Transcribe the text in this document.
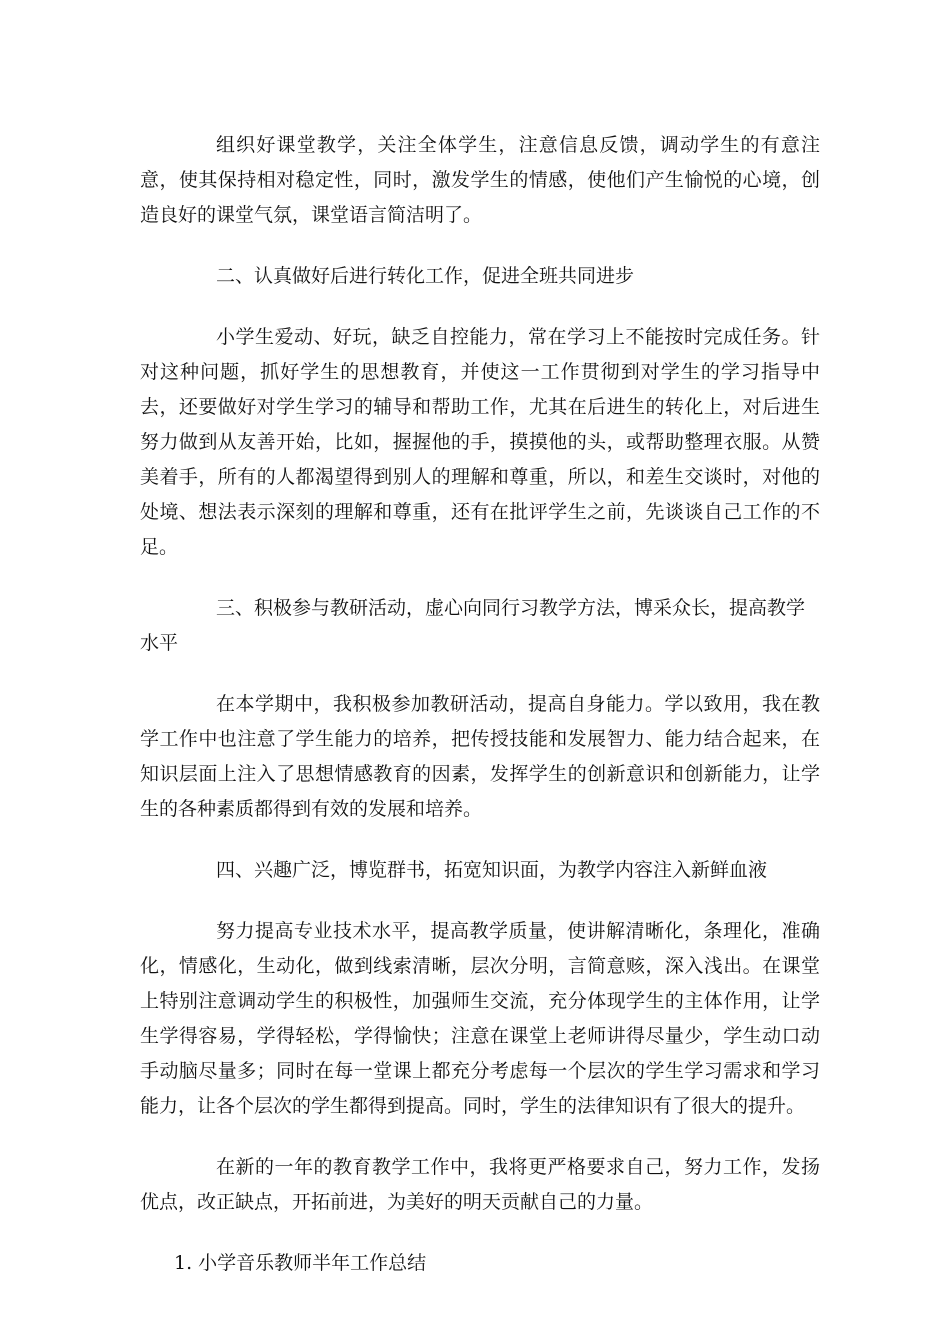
组织好课堂教学，关注全体学生，注意信息反馈，调动学生的有意注意，使其保持相对稳定性，同时，激发学生的情感，使他们产生愉悦的心境，创造良好的课堂气氛，课堂语言简洁明了。

二、认真做好后进行转化工作，促进全班共同进步

小学生爱动、好玩，缺乏自控能力，常在学习上不能按时完成任务。针对这种问题，抓好学生的思想教育，并使这一工作贯彻到对学生的学习指导中去，还要做好对学生学习的辅导和帮助工作，尤其在后进生的转化上，对后进生努力做到从友善开始，比如，握握他的手，摸摸他的头，或帮助整理衣服。从赞美着手，所有的人都渴望得到别人的理解和尊重，所以，和差生交谈时，对他的处境、想法表示深刻的理解和尊重，还有在批评学生之前，先谈谈自己工作的不足。

三、积极参与教研活动，虚心向同行习教学方法，博采众长，提高教学水平

在本学期中，我积极参加教研活动，提高自身能力。学以致用，我在教学工作中也注意了学生能力的培养，把传授技能和发展智力、能力结合起来，在知识层面上注入了思想情感教育的因素，发挥学生的创新意识和创新能力，让学生的各种素质都得到有效的发展和培养。

四、兴趣广泛，博览群书，拓宽知识面，为教学内容注入新鲜血液

努力提高专业技术水平，提高教学质量，使讲解清晰化，条理化，准确化，情感化，生动化，做到线索清晰，层次分明，言简意赅，深入浅出。在课堂上特别注意调动学生的积极性，加强师生交流，充分体现学生的主体作用，让学生学得容易，学得轻松，学得愉快；注意在课堂上老师讲得尽量少，学生动口动手动脑尽量多；同时在每一堂课上都充分考虑每一个层次的学生学习需求和学习能力，让各个层次的学生都得到提高。同时，学生的法律知识有了很大的提升。

在新的一年的教育教学工作中，我将更严格要求自己，努力工作，发扬优点，改正缺点，开拓前进，为美好的明天贡献自己的力量。

1. 小学音乐教师半年工作总结
